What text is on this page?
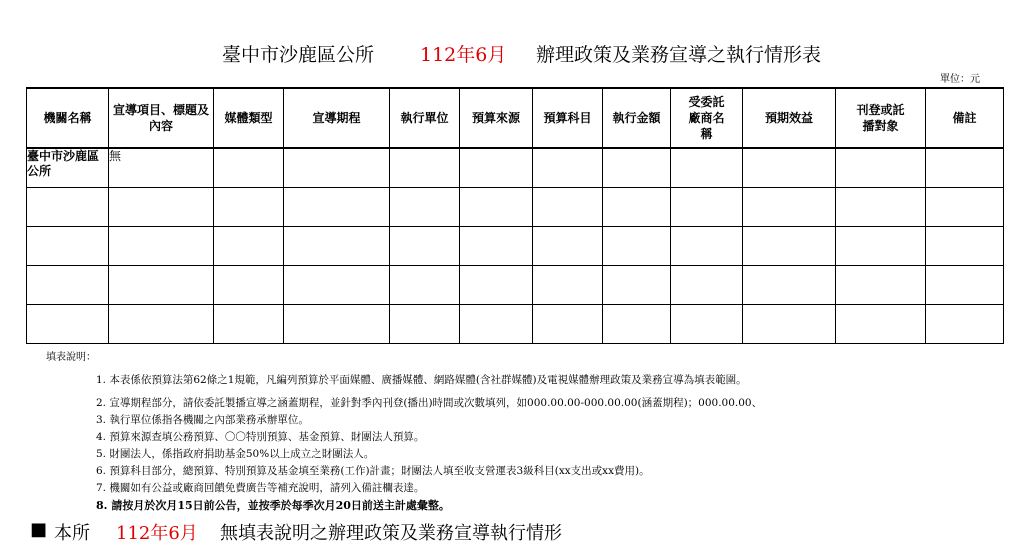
臺中市沙鹿區公所 112年6月 辦理政策及業務宣導之執行情形表
單位：元
機關名稱	宣導項目、標題及內容	媒體類型	宣導期程	執行單位	預算來源	預算科目	執行金額	受委託廠商名稱	預期效益	刊登或託播對象	備註
臺中市沙鹿區公所	無										

填表說明：
1. 本表係依預算法第62條之1規範，凡編列預算於平面媒體、廣播媒體、網路媒體(含社群媒體)及電視媒體辦理政策及業務宣導為填表範圍。
2. 宣導期程部分，請依委託製播宣導之涵蓋期程，並針對季內刊登(播出)時間或次數填列，如000.00.00-000.00.00(涵蓋期程)；000.00.00、
3. 執行單位係指各機關之內部業務承辦單位。
4. 預算來源查填公務預算、〇〇特別預算、基金預算、財團法人預算。
5. 財團法人，係指政府捐助基金50%以上成立之財團法人。
6. 預算科目部分，總預算、特別預算及基金填至業務(工作)計畫；財團法人填至收支營運表3級科目(xx支出或xx費用)。
7. 機關如有公益或廠商回饋免費廣告等補充說明，請列入備註欄表達。
8. 請按月於次月15日前公告，並按季於每季次月20日前送主計處彙整。
■ 本所 112年6月 無填表說明之辦理政策及業務宣導執行情形
